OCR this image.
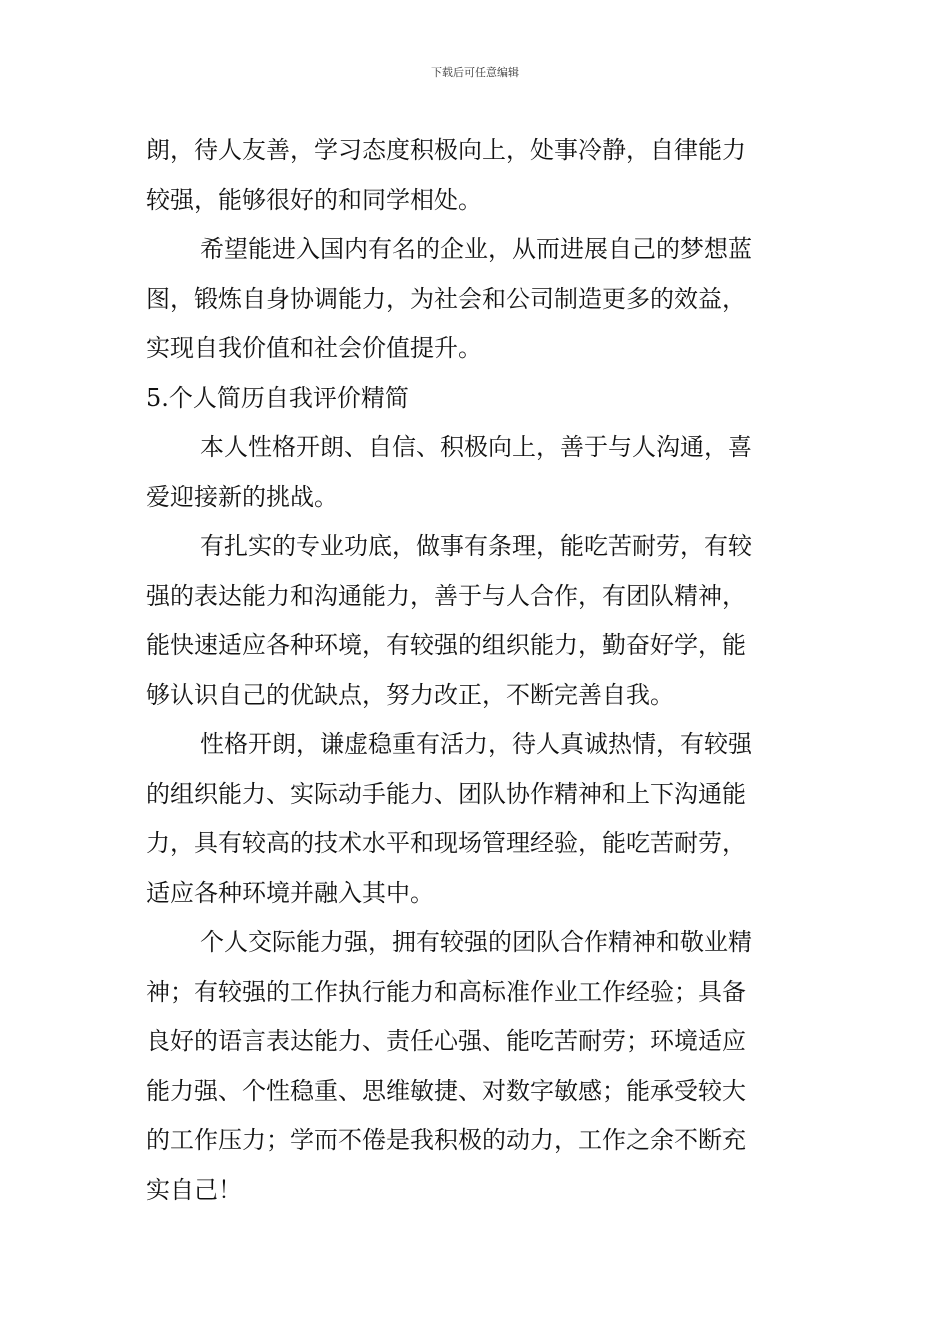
下载后可任意编辑
朗，待人友善，学习态度积极向上，处事冷静，自律能力
较强，能够很好的和同学相处。
希望能进入国内有名的企业，从而进展自己的梦想蓝
图，锻炼自身协调能力，为社会和公司制造更多的效益，
实现自我价值和社会价值提升。
5.个人简历自我评价精简
本人性格开朗、自信、积极向上，善于与人沟通，喜
爱迎接新的挑战。
有扎实的专业功底，做事有条理，能吃苦耐劳，有较
强的表达能力和沟通能力，善于与人合作，有团队精神，
能快速适应各种环境，有较强的组织能力，勤奋好学，能
够认识自己的优缺点，努力改正，不断完善自我。
性格开朗，谦虚稳重有活力，待人真诚热情，有较强
的组织能力、实际动手能力、团队协作精神和上下沟通能
力，具有较高的技术水平和现场管理经验，能吃苦耐劳，
适应各种环境并融入其中。
个人交际能力强，拥有较强的团队合作精神和敬业精
神；有较强的工作执行能力和高标准作业工作经验；具备
良好的语言表达能力、责任心强、能吃苦耐劳；环境适应
能力强、个性稳重、思维敏捷、对数字敏感；能承受较大
的工作压力；学而不倦是我积极的动力，工作之余不断充
实自己！
